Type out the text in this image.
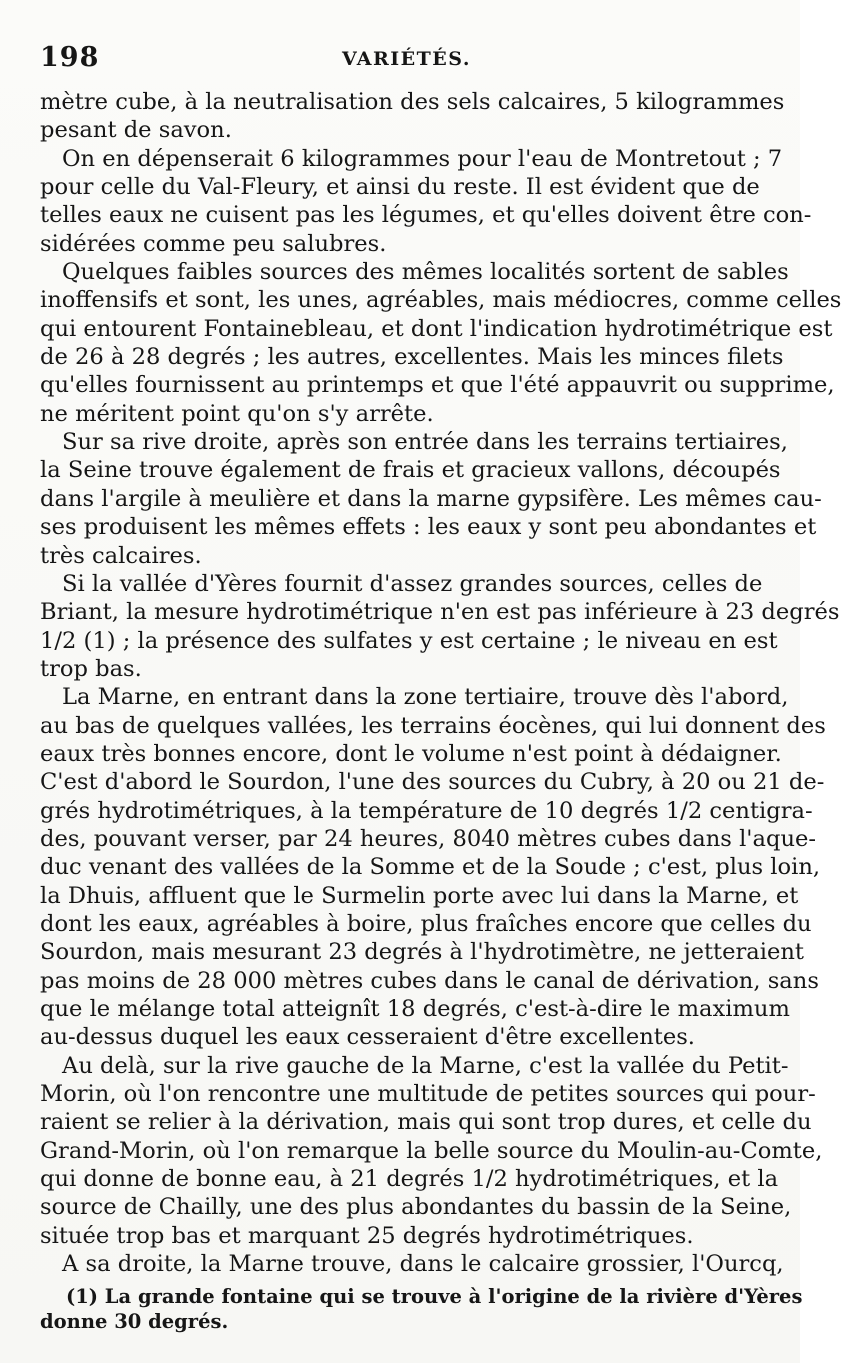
198	VARIÉTÉS.
mètre cube, à la neutralisation des sels calcaires, 5 kilogrammes
pesant de savon.
On en dépenserait 6 kilogrammes pour l'eau de Montretout ; 7
pour celle du Val-Fleury, et ainsi du reste. Il est évident que de
telles eaux ne cuisent pas les légumes, et qu'elles doivent être con-
sidérées comme peu salubres.
Quelques faibles sources des mêmes localités sortent de sables
inoffensifs et sont, les unes, agréables, mais médiocres, comme celles
qui entourent Fontainebleau, et dont l'indication hydrotimétrique est
de 26 à 28 degrés ; les autres, excellentes. Mais les minces filets
qu'elles fournissent au printemps et que l'été appauvrit ou supprime,
ne méritent point qu'on s'y arrête.
Sur sa rive droite, après son entrée dans les terrains tertiaires,
la Seine trouve également de frais et gracieux vallons, découpés
dans l'argile à meulière et dans la marne gypsifère. Les mêmes cau-
ses produisent les mêmes effets : les eaux y sont peu abondantes et
très calcaires.
Si la vallée d'Yères fournit d'assez grandes sources, celles de
Briant, la mesure hydrotimétrique n'en est pas inférieure à 23 degrés
1/2 (1) ; la présence des sulfates y est certaine ; le niveau en est
trop bas.
La Marne, en entrant dans la zone tertiaire, trouve dès l'abord,
au bas de quelques vallées, les terrains éocènes, qui lui donnent des
eaux très bonnes encore, dont le volume n'est point à dédaigner.
C'est d'abord le Sourdon, l'une des sources du Cubry, à 20 ou 21 de-
grés hydrotimétriques, à la température de 10 degrés 1/2 centigra-
des, pouvant verser, par 24 heures, 8040 mètres cubes dans l'aque-
duc venant des vallées de la Somme et de la Soude ; c'est, plus loin,
la Dhuis, affluent que le Surmelin porte avec lui dans la Marne, et
dont les eaux, agréables à boire, plus fraîches encore que celles du
Sourdon, mais mesurant 23 degrés à l'hydrotimètre, ne jetteraient
pas moins de 28 000 mètres cubes dans le canal de dérivation, sans
que le mélange total atteignît 18 degrés, c'est-à-dire le maximum
au-dessus duquel les eaux cesseraient d'être excellentes.
Au delà, sur la rive gauche de la Marne, c'est la vallée du Petit-
Morin, où l'on rencontre une multitude de petites sources qui pour-
raient se relier à la dérivation, mais qui sont trop dures, et celle du
Grand-Morin, où l'on remarque la belle source du Moulin-au-Comte,
qui donne de bonne eau, à 21 degrés 1/2 hydrotimétriques, et la
source de Chailly, une des plus abondantes du bassin de la Seine,
située trop bas et marquant 25 degrés hydrotimétriques.
A sa droite, la Marne trouve, dans le calcaire grossier, l'Ourcq,
(1) La grande fontaine qui se trouve à l'origine de la rivière d'Yères
donne 30 degrés.
